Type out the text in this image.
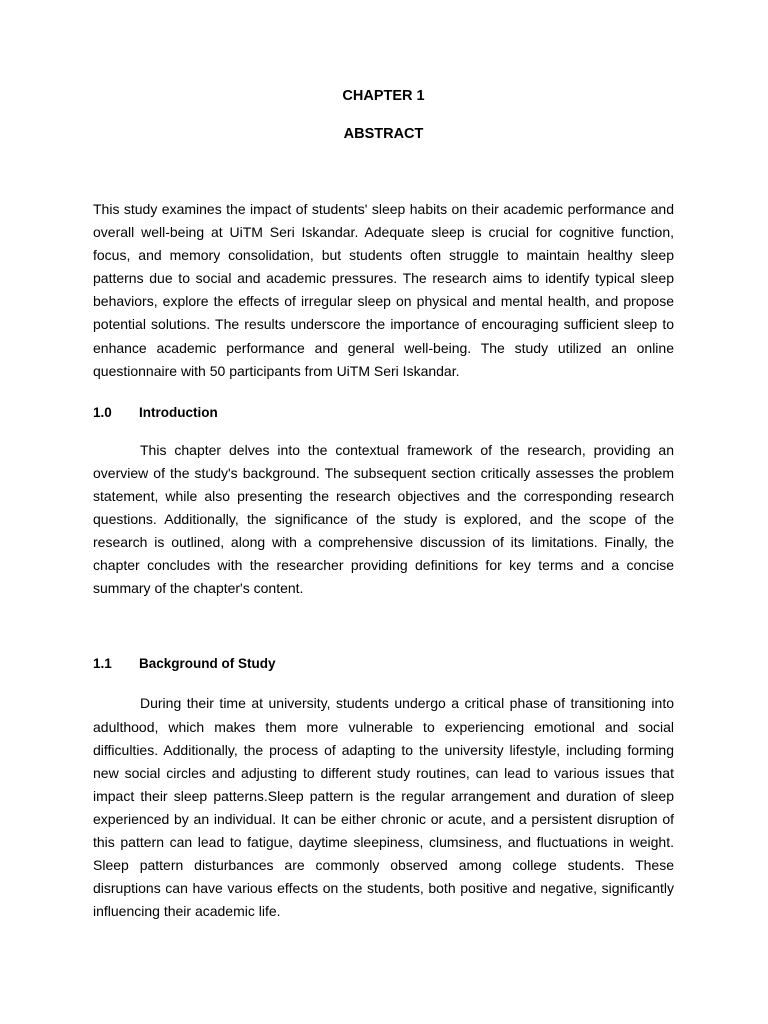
CHAPTER 1
ABSTRACT

This study examines the impact of students' sleep habits on their academic performance and overall well-being at UiTM Seri Iskandar. Adequate sleep is crucial for cognitive function, focus, and memory consolidation, but students often struggle to maintain healthy sleep patterns due to social and academic pressures. The research aims to identify typical sleep behaviors, explore the effects of irregular sleep on physical and mental health, and propose potential solutions. The results underscore the importance of encouraging sufficient sleep to enhance academic performance and general well-being. The study utilized an online questionnaire with 50 participants from UiTM Seri Iskandar.

1.0	Introduction

This chapter delves into the contextual framework of the research, providing an overview of the study's background. The subsequent section critically assesses the problem statement, while also presenting the research objectives and the corresponding research questions. Additionally, the significance of the study is explored, and the scope of the research is outlined, along with a comprehensive discussion of its limitations. Finally, the chapter concludes with the researcher providing definitions for key terms and a concise summary of the chapter's content.

1.1	Background of Study

During their time at university, students undergo a critical phase of transitioning into adulthood, which makes them more vulnerable to experiencing emotional and social difficulties. Additionally, the process of adapting to the university lifestyle, including forming new social circles and adjusting to different study routines, can lead to various issues that impact their sleep patterns.Sleep pattern is the regular arrangement and duration of sleep experienced by an individual. It can be either chronic or acute, and a persistent disruption of this pattern can lead to fatigue, daytime sleepiness, clumsiness, and fluctuations in weight. Sleep pattern disturbances are commonly observed among college students. These disruptions can have various effects on the students, both positive and negative, significantly influencing their academic life.
